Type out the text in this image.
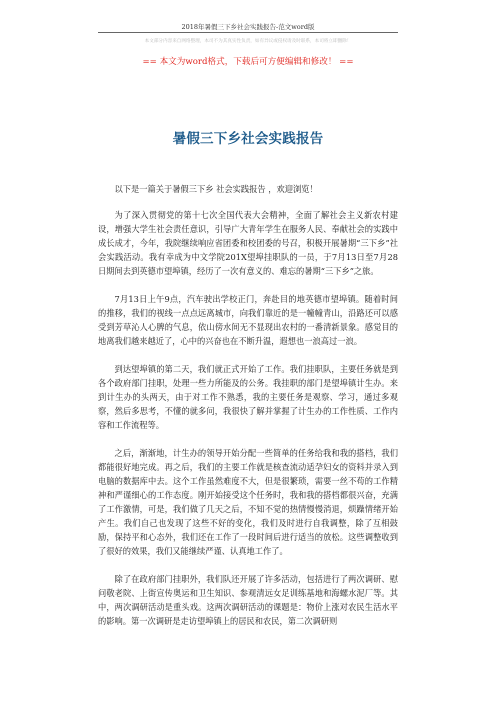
2018年暑假三下乡社会实践报告-范文word版
本文部分内容来自网络整理，本司不为其真实性负责，如有异议或侵权请及时联系，本司将立即删除！
== 本文为word格式，下载后可方便编辑和修改！ ==
暑假三下乡社会实践报告

以下是一篇关于暑假三下乡 社会实践报告 ，欢迎浏览！

为了深入贯彻党的第十七次全国代表大会精神，全面了解社会主义新农村建设，增强大学生社会责任意识，引导广大青年学生在服务人民、奉献社会的实践中成长成才，今年，我院继续响应省团委和校团委的号召，积极开展暑期“三下乡”社会实践活动。我有幸成为中文学院201X望埠挂职队的一员，于7月13日至7月28日期间去到英德市望埠镇，经历了一次有意义的、难忘的暑期“三下乡”之旅。

7月13日上午9点，汽车驶出学校正门，奔赴目的地英德市望埠镇。随着时间的推移，我们的视线一点点远离城市，向我们靠近的是一幢幢青山，沿路还可以感受到芳草沁人心脾的气息，依山傍水间无不显现出农村的一番清新景象。感觉目的地离我们越来越近了，心中的兴奋也在不断升温，遐想也一浪高过一浪。

到达望埠镇的第二天，我们就正式开始了工作。我们挂职队，主要任务就是到各个政府部门挂职，处理一些力所能及的公务。我挂职的部门是望埠镇计生办。来到计生办的头两天，由于对工作不熟悉，我的主要任务是观察、学习，通过多观察，然后多思考，不懂的就多问，我很快了解并掌握了计生办的工作性质、工作内容和工作流程等。

之后，渐渐地，计生办的领导开始分配一些简单的任务给我和我的搭档，我们都能很好地完成。再之后，我们的主要工作就是核查流动适孕妇女的资料并录入到电脑的数据库中去。这个工作虽然难度不大，但是很繁琐，需要一丝不苟的工作精神和严谨细心的工作态度。刚开始接受这个任务时，我和我的搭档都很兴奋，充满了工作激情，可是，我们做了几天之后，不知不觉的热情慢慢消退，烦躁情绪开始产生。我们自己也发现了这些不好的变化，我们及时进行自我调整，除了互相鼓励，保持平和心态外，我们还在工作了一段时间后进行适当的放松。这些调整收到了很好的效果，我们又能继续严谨、认真地工作了。

除了在政府部门挂职外，我们队还开展了许多活动，包括进行了两次调研、慰问敬老院、上街宣传奥运和卫生知识、参观清远女足训练基地和海螺水泥厂等。其中，两次调研活动是重头戏。这两次调研活动的课题是：物价上涨对农民生活水平的影响。第一次调研是走访望埠镇上的居民和农民，第二次调研则
